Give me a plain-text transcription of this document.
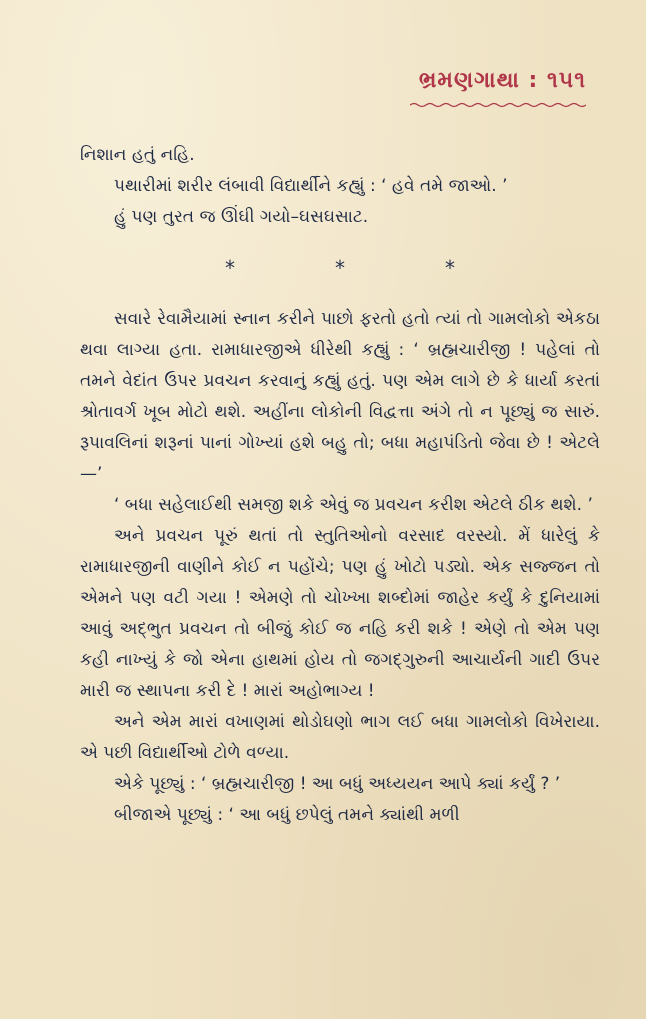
ભ્રમણગાથા : ૧૫૧

નિશાન હતું નહિ.

પથારીમાં શરીર લંબાવી વિદ્યાર્થીને કહ્યું : ‘ હવે તમે જાઓ. ’

હું પણ તુરત જ ઊંઘી ગયો–ઘસઘસાટ.

*	*	*

સવારે રેવામૈયામાં સ્નાન કરીને પાછો ફરતો હતો ત્યાં તો ગામલોકો એકઠા થવા લાગ્યા હતા. રામાધારજીએ ધીરેથી કહ્યું : ‘ બ્રહ્મચારીજી ! પહેલાં તો તમને વેદાંત ઉપર પ્રવચન કરવાનું કહ્યું હતું. પણ એમ લાગે છે કે ધાર્યા કરતાં શ્રોતાવર્ગ ખૂબ મોટો થશે. અહીંના લોકોની વિદ્વત્તા અંગે તો ન પૂછ્યું જ સારું. રૂપાવલિનાં શરૂનાં પાનાં ગોખ્યાં હશે બહુ તો; બધા મહાપંડિતો જેવા છે ! એટલે—’

‘ બધા સહેલાઈથી સમજી શકે એવું જ પ્રવચન કરીશ એટલે ઠીક થશે. ’

અને પ્રવચન પૂરું થતાં તો સ્તુતિઓનો વરસાદ વરસ્યો. મેં ધારેલું કે રામાધારજીની વાણીને કોઈ ન પહોંચે; પણ હું ખોટો પડ્યો. એક સજ્જન તો એમને પણ વટી ગયા ! એમણે તો ચોખ્ખા શબ્દોમાં જાહેર કર્યું કે દુનિયામાં આવું અદ્ભુત પ્રવચન તો બીજું કોઈ જ નહિ કરી શકે ! એણે તો એમ પણ કહી નાખ્યું કે જો એના હાથમાં હોય તો જગદ્ગુરુની આચાર્યની ગાદી ઉપર મારી જ સ્થાપના કરી દે ! મારાં અહોભાગ્ય !

અને એમ મારાં વખાણમાં થોડોઘણો ભાગ લઈ બધા ગામલોકો વિખેરાયા. એ પછી વિદ્યાર્થીઓ ટોળે વળ્યા.

એકે પૂછ્યું : ‘ બ્રહ્મચારીજી ! આ બધું અધ્યયન આપે ક્યાં કર્યું ? ’

બીજાએ પૂછ્યું : ‘ આ બધું છપેલું તમને ક્યાંથી મળી
